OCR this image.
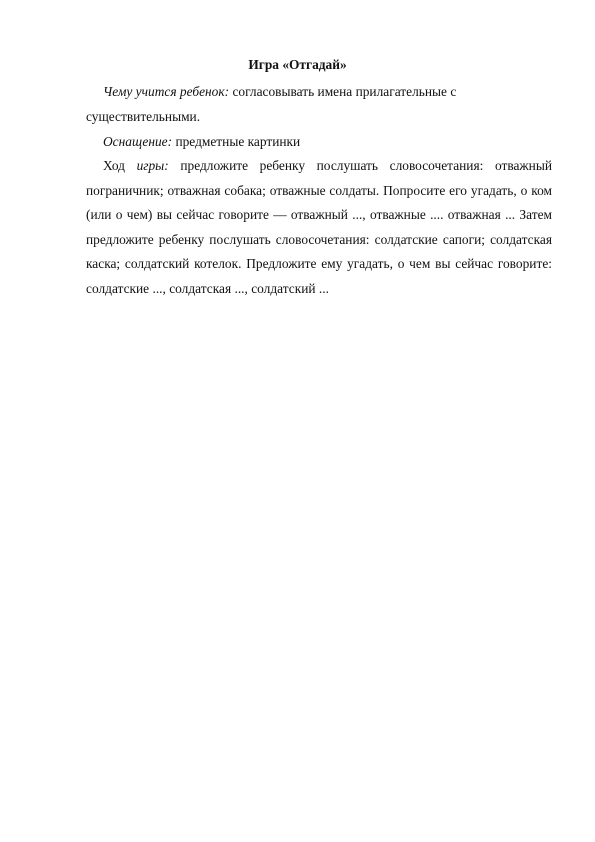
Игра «Отгадай»

Чему учится ребенок: согласовывать имена прилагательные с существительными.

Оснащение: предметные картинки

Ход игры: предложите ребенку послушать словосочетания: отважный пограничник; отважная собака; отважные солдаты. Попросите его угадать, о ком (или о чем) вы сейчас говорите — отважный ..., отважные .... отважная ... Затем предложите ребенку послушать словосочетания: солдатские сапоги; солдатская каска; солдатский котелок. Предложите ему угадать, о чем вы сейчас говорите: солдатские ..., солдатская ..., солдатский ...
